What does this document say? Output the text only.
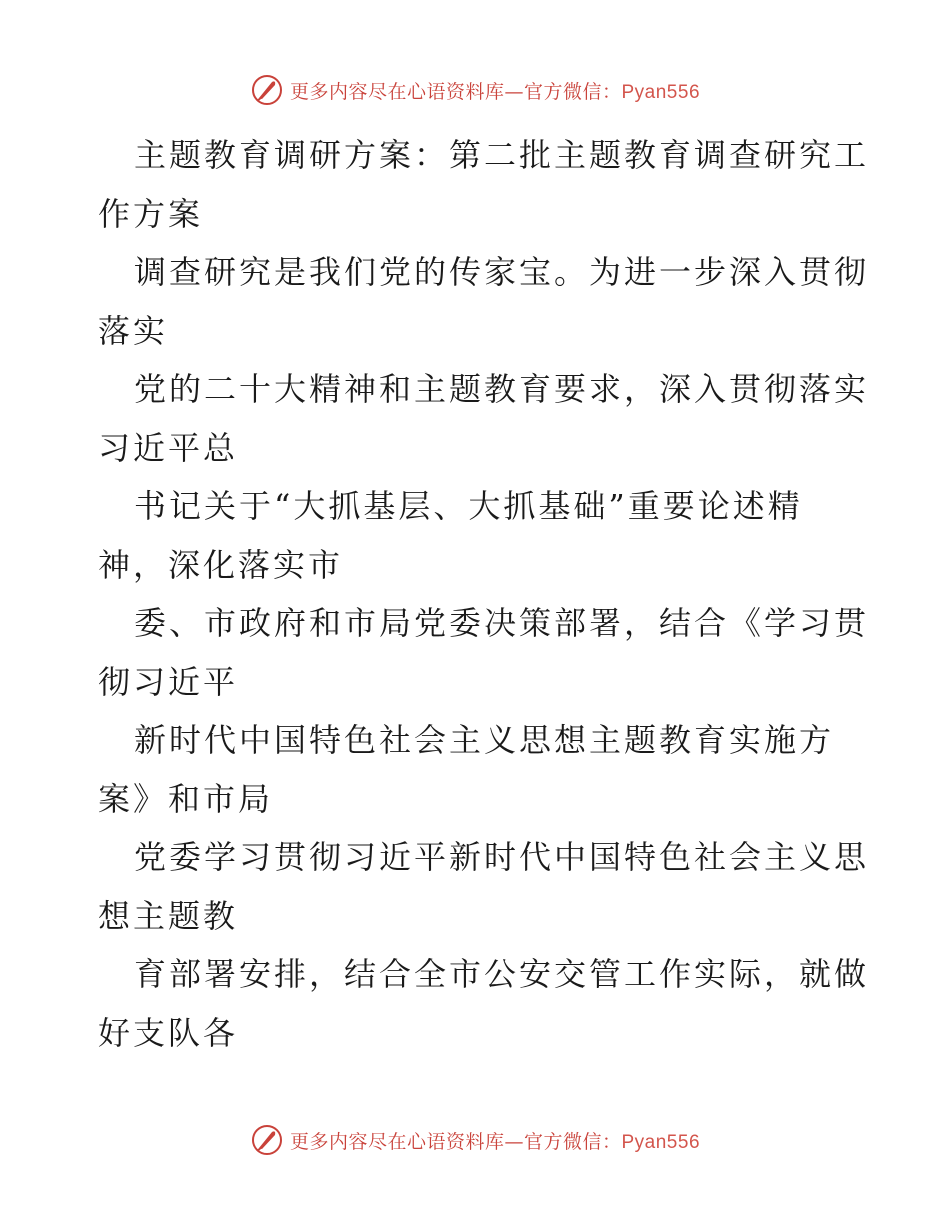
更多内容尽在心语资料库—官方微信：Pyan556
主题教育调研方案：第二批主题教育调查研究工
作方案
调查研究是我们党的传家宝。为进一步深入贯彻
落实
党的二十大精神和主题教育要求，深入贯彻落实
习近平总
书记关于“大抓基层、大抓基础”重要论述精
神，深化落实市
委、市政府和市局党委决策部署，结合《学习贯
彻习近平
新时代中国特色社会主义思想主题教育实施方
案》和市局
党委学习贯彻习近平新时代中国特色社会主义思
想主题教
育部署安排，结合全市公安交管工作实际，就做
好支队各
更多内容尽在心语资料库—官方微信：Pyan556
